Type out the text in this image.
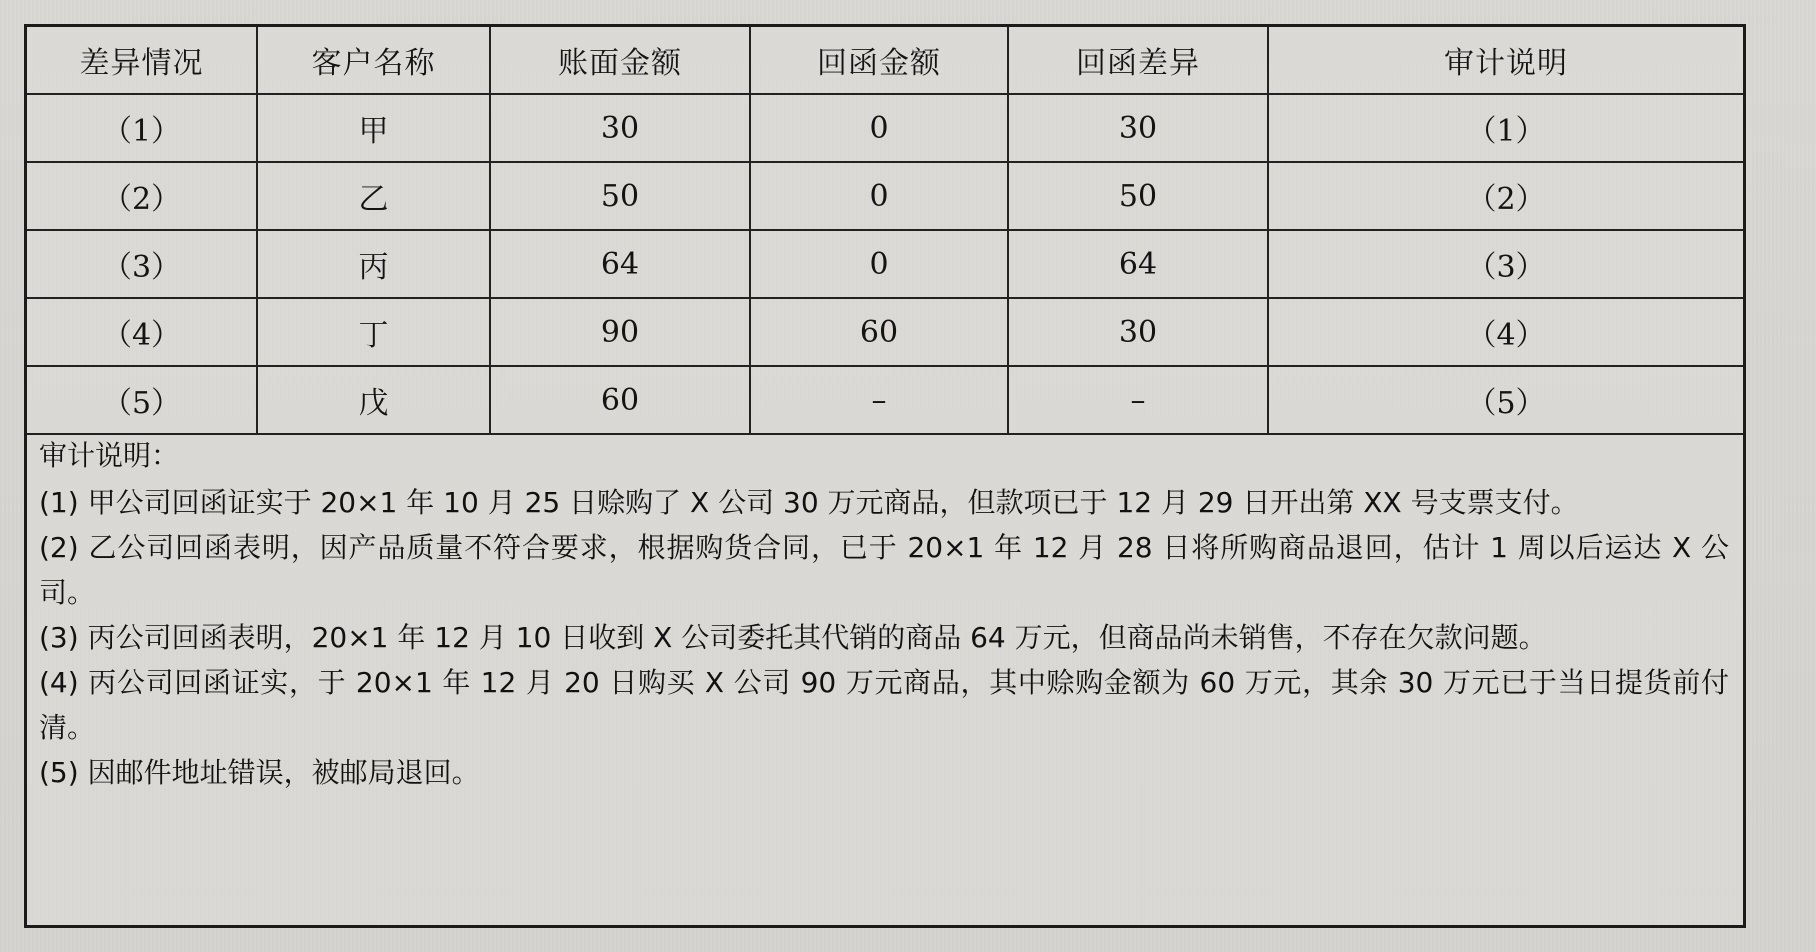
差异情况	客户名称	账面金额	回函金额	回函差异	审计说明
（1）	甲	30	0	30	（1）
（2）	乙	50	0	50	（2）
（3）	丙	64	0	64	（3）
（4）	丁	90	60	30	（4）
（5）	戊	60	–	–	（5）
审计说明：
(1) 甲公司回函证实于 20×1 年 10 月 25 日赊购了 X 公司 30 万元商品，但款项已于 12 月 29 日开出第 XX 号支票支付。
(2) 乙公司回函表明，因产品质量不符合要求，根据购货合同，已于 20×1 年 12 月 28 日将所购商品退回，估计 1 周以后运达 X 公司。
(3) 丙公司回函表明，20×1 年 12 月 10 日收到 X 公司委托其代销的商品 64 万元，但商品尚未销售，不存在欠款问题。
(4) 丙公司回函证实，于 20×1 年 12 月 20 日购买 X 公司 90 万元商品，其中赊购金额为 60 万元，其余 30 万元已于当日提货前付清。
(5) 因邮件地址错误，被邮局退回。
